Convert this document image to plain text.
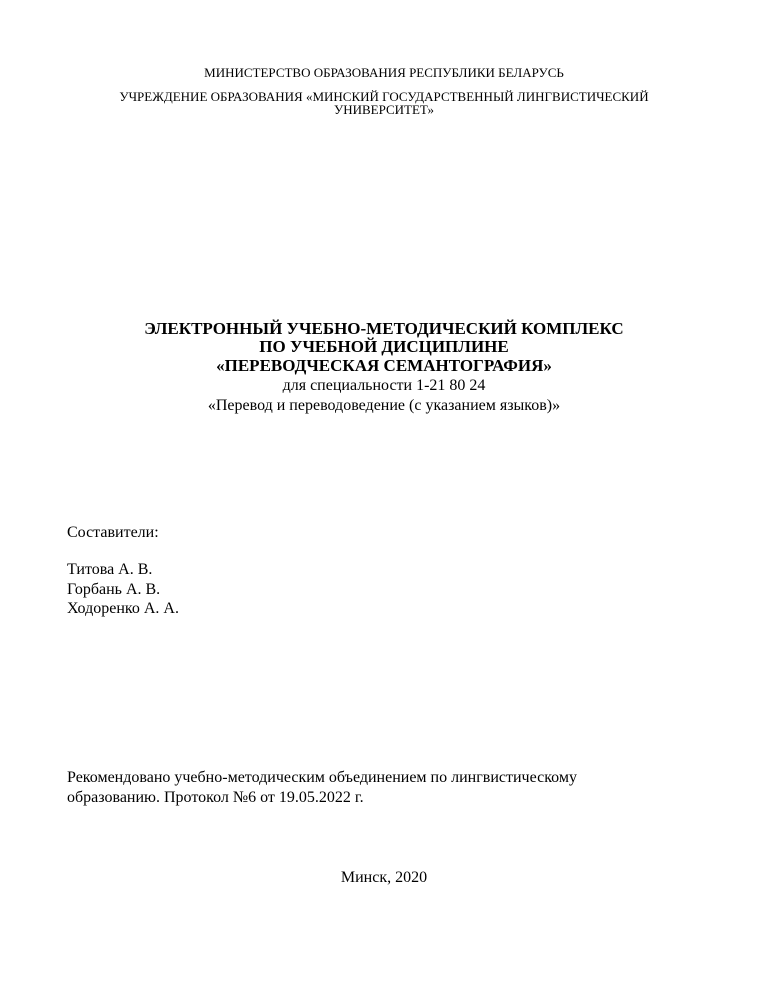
МИНИСТЕРСТВО ОБРАЗОВАНИЯ РЕСПУБЛИКИ БЕЛАРУСЬ
УЧРЕЖДЕНИЕ ОБРАЗОВАНИЯ «МИНСКИЙ ГОСУДАРСТВЕННЫЙ ЛИНГВИСТИЧЕСКИЙ
УНИВЕРСИТЕТ»
ЭЛЕКТРОННЫЙ УЧЕБНО-МЕТОДИЧЕСКИЙ КОМПЛЕКС
ПО УЧЕБНОЙ ДИСЦИПЛИНЕ
«ПЕРЕВОДЧЕСКАЯ СЕМАНТОГРАФИЯ»
для специальности 1-21 80 24
«Перевод и переводоведение (с указанием языков)»
Составители:
Титова А. В.
Горбань А. В.
Ходоренко А. А.
Рекомендовано учебно-методическим объединением по лингвистическому
образованию. Протокол №6 от 19.05.2022 г.
Минск, 2020
